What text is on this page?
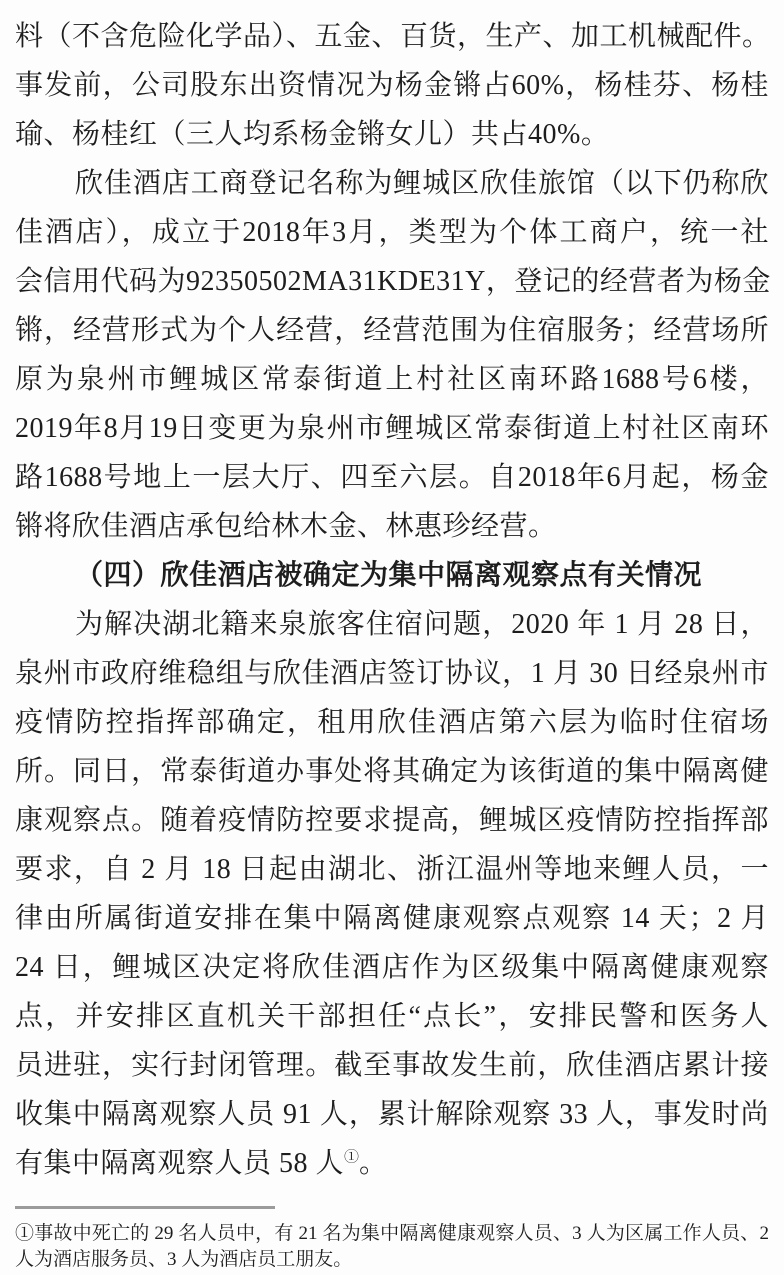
料（不含危险化学品）、五金、百货，生产、加工机械配件。
事发前，公司股东出资情况为杨金锵占60%，杨桂芬、杨桂
瑜、杨桂红（三人均系杨金锵女儿）共占40%。
欣佳酒店工商登记名称为鲤城区欣佳旅馆（以下仍称欣
佳酒店），成立于2018年3月，类型为个体工商户，统一社
会信用代码为92350502MA31KDE31Y，登记的经营者为杨金
锵，经营形式为个人经营，经营范围为住宿服务；经营场所
原为泉州市鲤城区常泰街道上村社区南环路1688号6楼，
2019年8月19日变更为泉州市鲤城区常泰街道上村社区南环
路1688号地上一层大厅、四至六层。自2018年6月起，杨金
锵将欣佳酒店承包给林木金、林惠珍经营。
（四）欣佳酒店被确定为集中隔离观察点有关情况
为解决湖北籍来泉旅客住宿问题，2020 年 1 月 28 日，
泉州市政府维稳组与欣佳酒店签订协议，1 月 30 日经泉州市
疫情防控指挥部确定，租用欣佳酒店第六层为临时住宿场
所。同日，常泰街道办事处将其确定为该街道的集中隔离健
康观察点。随着疫情防控要求提高，鲤城区疫情防控指挥部
要求，自 2 月 18 日起由湖北、浙江温州等地来鲤人员，一
律由所属街道安排在集中隔离健康观察点观察 14 天；2 月
24 日，鲤城区决定将欣佳酒店作为区级集中隔离健康观察
点，并安排区直机关干部担任“点长”，安排民警和医务人
员进驻，实行封闭管理。截至事故发生前，欣佳酒店累计接
收集中隔离观察人员 91 人，累计解除观察 33 人，事发时尚
有集中隔离观察人员 58 人①。
①事故中死亡的 29 名人员中，有 21 名为集中隔离健康观察人员、3 人为区属工作人员、2
人为酒店服务员、3 人为酒店员工朋友。
